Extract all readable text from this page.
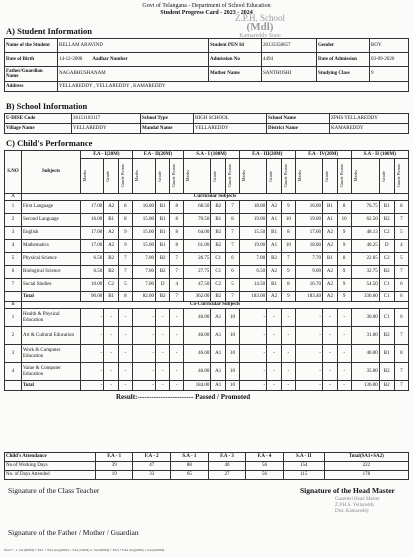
Govt of Telangana - Department of School Education
Student Progress Card - 2023 - 2024
Z.P.H. School
(Mdl)
Kamareddy State
A) Student Information
Name of the Student	BELLAM ARAVIND	Student PEN Id	20133358657	Gender	BOY
Date of Birth	14-12-2008 Aadhar Number	Admission No	4494	Date of Admission	03-09-2020
Father/Guardian Name	NAGABHUSHANAM	Mother Name	SANTHOSHI	Studying Class	9
Address	YELLAREDDY , YELLAREDDY , KAMAREDDY				
B) School Information
U-DISE Code	36151103117	School Type	HIGH SCHOOL	School Name	ZPHS YELLAREDDY
Village Name	YELLAREDDY	Mandal Name	YELLAREDDY	District Name	KAMAREDDY
C) Child's Performance
S.NO	Subjects	F.A - I(20M)			F.A - II(20M)			S.A - I (100M)			F.A - III(20M)			F.A - IV(20M)			S.A - II (100M)		

		Marks	Grade	Grade Points	Marks	Grade	Grade Points	Marks	Grade	Grade Points	Marks	Grade	Grade Points	Marks	Grade	Grade Points	Marks	Grade	Grade Points

A	Curricular Subjects																		
1	First Language	17.00	A2	8	16.00	B1	8	68.50	B2	7	18.00	A2	9	16.00	B1	8	76.75	B1	8
2	Second Language	16.00	B1	8	15.00	B1	8	70.50	B1	8	19.00	A1	10	19.00	A1	10	62.50	B2	7
3	English	17.00	A2	9	15.00	B1	8	64.00	B2	7	15.50	B1	8	17.00	A2	9	48.13	C2	5
4	Mathematics	17.00	A2	9	15.00	B1	8	61.00	B2	7	19.00	A1	10	18.00	A2	9	40.25	D	4
5	Physical Science	6.50	B2	7	7.00	B2	7	26.75	C1	6	7.00	B2	7	7.70	B1	8	22.65	C2	5
6	Biological Science	6.50	B2	7	7.00	B2	7	27.75	C1	6	6.50	A2	9	9.00	A2	9	32.75	B2	7
7	Social Studies	10.00	C2	5	7.00	D	4	47.50	C2	5	14.50	B1	8	16.70	A2	9	54.50	C1	6
	Total	90.00	B1	8	82.00	B2	7	362.00	B2	7	183.00	A2	9	183.40	A2	9	336.60	C1	6
B	Co-Curricular Subjects																		
1	Health & Physical Education	-	-	-	-	-	-	46.00	A1	10	-	-	-	-	-	-	30.00	C1	6
2	Art & Cultural Education	-	-	-	-	-	-	46.00	A1	10	-	-	-	-	-	-	31.00	B2	7
3	Work & Computer Education	-	-	-	-	-	-	46.00	A1	10	-	-	-	-	-	-	40.00	B1	8
4	Value & Computer Education	-	-	-	-	-	-	46.00	A1	10	-	-	-	-	-	-	35.00	B2	7
	Total	-	-	-	-	-	-	184.00	A1	10	-	-	-	-	-	-	136.00	B2	7
Child's Attendance	F.A - 1	F.A - 2	S.A - 1	F.A - 3	F.A - 4	S.A - II	Total(SA1+SA2)
No.of Working Days	39	47	88	40	56	154	222
No. of Days Attended	19	33	65	27	56	115	178
Result:------------------------ Passed / Promoted
Signature of the Class Teacher	Signature of the Head Master
Gazetted Head Master
Z.P.H.S. Yellareddy
Dist. Kamareddy
Signature of the Father / Mother / Guardian
Note* : 1. SA1(80M) + FA1 + FA2 Avg(20M) = SA1(100M) 2. SA2(80M) + FA3 + FA4 Avg(20M) = SA2(100M)
